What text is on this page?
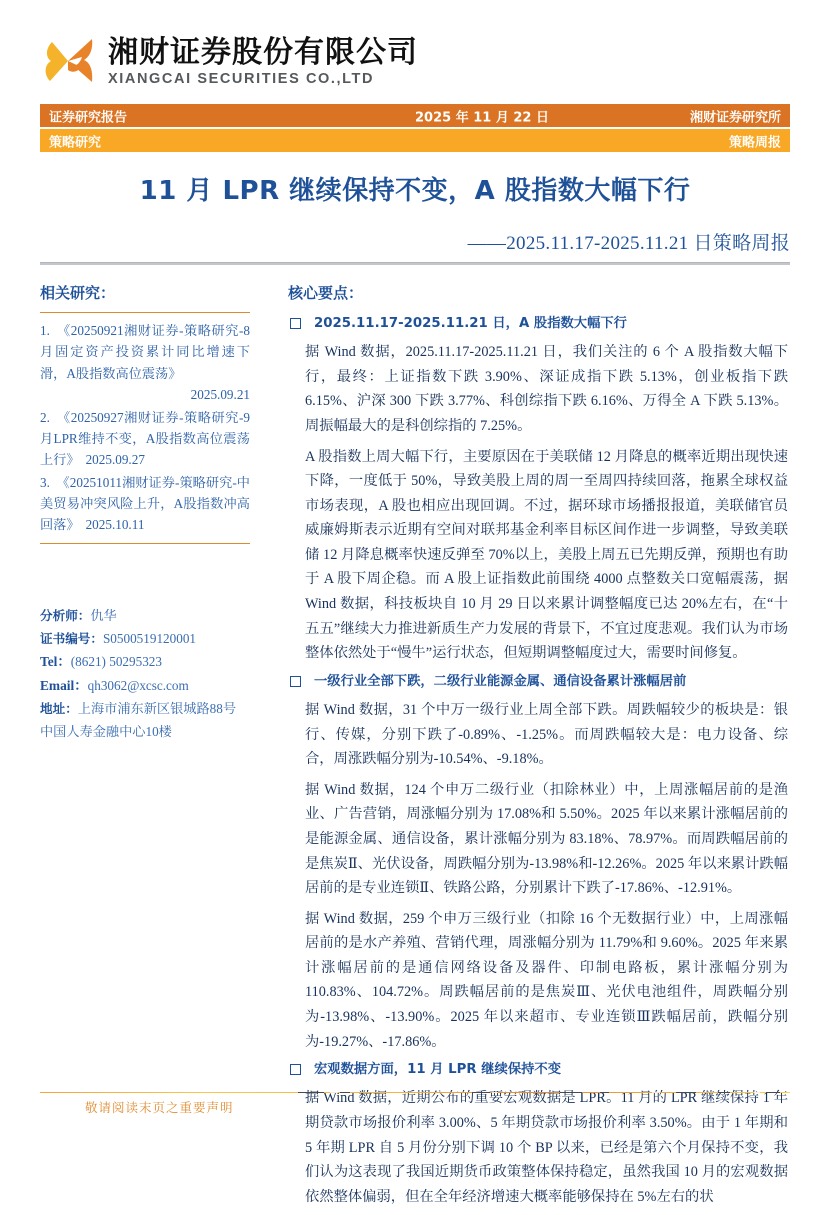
湘财证券股份有限公司
XIANGCAI SECURITIES CO.,LTD
证券研究报告	2025 年 11 月 22 日	湘财证券研究所
策略研究	策略周报
11 月 LPR 继续保持不变，A 股指数大幅下行
——2025.11.17-2025.11.21 日策略周报
相关研究：
1. 《20250921湘财证券-策略研究-8月固定资产投资累计同比增速下滑，A股指数高位震荡》
2025.09.21
2. 《20250927湘财证券-策略研究-9月LPR维持不变，A股指数高位震荡上行》 2025.09.27
3. 《20251011湘财证券-策略研究-中美贸易冲突风险上升，A股指数冲高回落》 2025.10.11
分析师：仇华
证书编号：S0500519120001
Tel：(8621) 50295323
Email：qh3062@xcsc.com
地址：上海市浦东新区银城路88号
中国人寿金融中心10楼
核心要点：
2025.11.17-2025.11.21 日，A 股指数大幅下行

据 Wind 数据，2025.11.17-2025.11.21 日，我们关注的 6 个 A 股指数大幅下行，最终：上证指数下跌 3.90%、深证成指下跌 5.13%，创业板指下跌 6.15%、沪深 300 下跌 3.77%、科创综指下跌 6.16%、万得全 A 下跌 5.13%。周振幅最大的是科创综指的 7.25%。

A 股指数上周大幅下行，主要原因在于美联储 12 月降息的概率近期出现快速下降，一度低于 50%，导致美股上周的周一至周四持续回落，拖累全球权益市场表现，A 股也相应出现回调。不过，据环球市场播报报道，美联储官员威廉姆斯表示近期有空间对联邦基金利率目标区间作进一步调整，导致美联储 12 月降息概率快速反弹至 70%以上，美股上周五已先期反弹，预期也有助于 A 股下周企稳。而 A 股上证指数此前围绕 4000 点整数关口宽幅震荡，据 Wind 数据，科技板块自 10 月 29 日以来累计调整幅度已达 20%左右，在“十五五”继续大力推进新质生产力发展的背景下，不宜过度悲观。我们认为市场整体依然处于“慢牛”运行状态，但短期调整幅度过大，需要时间修复。

一级行业全部下跌，二级行业能源金属、通信设备累计涨幅居前

据 Wind 数据，31 个中万一级行业上周全部下跌。周跌幅较少的板块是：银行、传媒，分别下跌了-0.89%、-1.25%。而周跌幅较大是：电力设备、综合，周涨跌幅分别为-10.54%、-9.18%。

据 Wind 数据，124 个申万二级行业（扣除林业）中，上周涨幅居前的是渔业、广告营销，周涨幅分别为 17.08%和 5.50%。2025 年以来累计涨幅居前的是能源金属、通信设备，累计涨幅分别为 83.18%、78.97%。而周跌幅居前的是焦炭Ⅱ、光伏设备，周跌幅分别为-13.98%和-12.26%。2025 年以来累计跌幅居前的是专业连锁Ⅱ、铁路公路，分别累计下跌了-17.86%、-12.91%。

据 Wind 数据，259 个申万三级行业（扣除 16 个无数据行业）中，上周涨幅居前的是水产养殖、营销代理，周涨幅分别为 11.79%和 9.60%。2025 年来累计涨幅居前的是通信网络设备及器件、印制电路板，累计涨幅分别为 110.83%、104.72%。周跌幅居前的是焦炭Ⅲ、光伏电池组件，周跌幅分别为-13.98%、-13.90%。2025 年以来超市、专业连锁Ⅲ跌幅居前，跌幅分别为-19.27%、-17.86%。

宏观数据方面，11 月 LPR 继续保持不变

据 Wind 数据，近期公布的重要宏观数据是 LPR。11 月的 LPR 继续保持 1 年期贷款市场报价利率 3.00%、5 年期贷款市场报价利率 3.50%。由于 1 年期和 5 年期 LPR 自 5 月份分别下调 10 个 BP 以来，已经是第六个月保持不变，我们认为这表现了我国近期货币政策整体保持稳定，虽然我国 10 月的宏观数据依然整体偏弱，但在全年经济增速大概率能够保持在 5%左右的状

敬请阅读末页之重要声明
